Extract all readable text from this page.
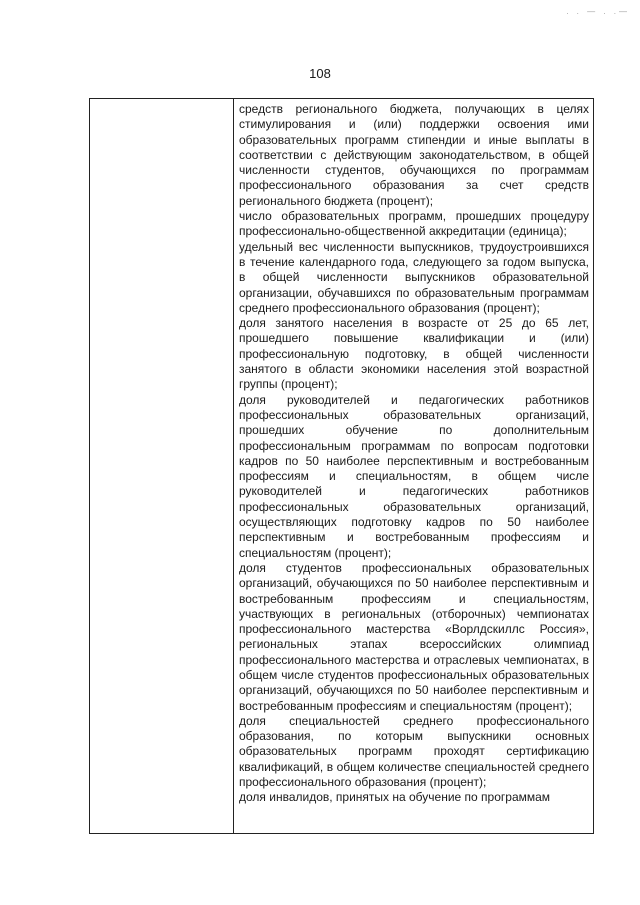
. . — . .—
108

средств регионального бюджета, получающих в целях стимулирования и (или) поддержки освоения ими образовательных программ стипендии и иные выплаты в соответствии с действующим законодательством, в общей численности студентов, обучающихся по программам профессионального образования за счет средств регионального бюджета (процент);

число образовательных программ, прошедших процедуру профессионально-общественной аккредитации (единица);

удельный вес численности выпускников, трудоустроившихся в течение календарного года, следующего за годом выпуска, в общей численности выпускников образовательной организации, обучавшихся по образовательным программам среднего профессионального образования (процент);

доля занятого населения в возрасте от 25 до 65 лет, прошедшего повышение квалификации и (или) профессиональную подготовку, в общей численности занятого в области экономики населения этой возрастной группы (процент);

доля руководителей и педагогических работников профессиональных образовательных организаций, прошедших обучение по дополнительным профессиональным программам по вопросам подготовки кадров по 50 наиболее перспективным и востребованным профессиям и специальностям, в общем числе руководителей и педагогических работников профессиональных образовательных организаций, осуществляющих подготовку кадров по 50 наиболее перспективным и востребованным профессиям и специальностям (процент);

доля студентов профессиональных образовательных организаций, обучающихся по 50 наиболее перспективным и востребованным профессиям и специальностям, участвующих в региональных (отборочных) чемпионатах профессионального мастерства «Ворлдскиллс Россия», региональных этапах всероссийских олимпиад профессионального мастерства и отраслевых чемпионатах, в общем числе студентов профессиональных образовательных организаций, обучающихся по 50 наиболее перспективным и востребованным профессиям и специальностям (процент);

доля специальностей среднего профессионального образования, по которым выпускники основных образовательных программ проходят сертификацию квалификаций, в общем количестве специальностей среднего профессионального образования (процент);

доля инвалидов, принятых на обучение по программам
